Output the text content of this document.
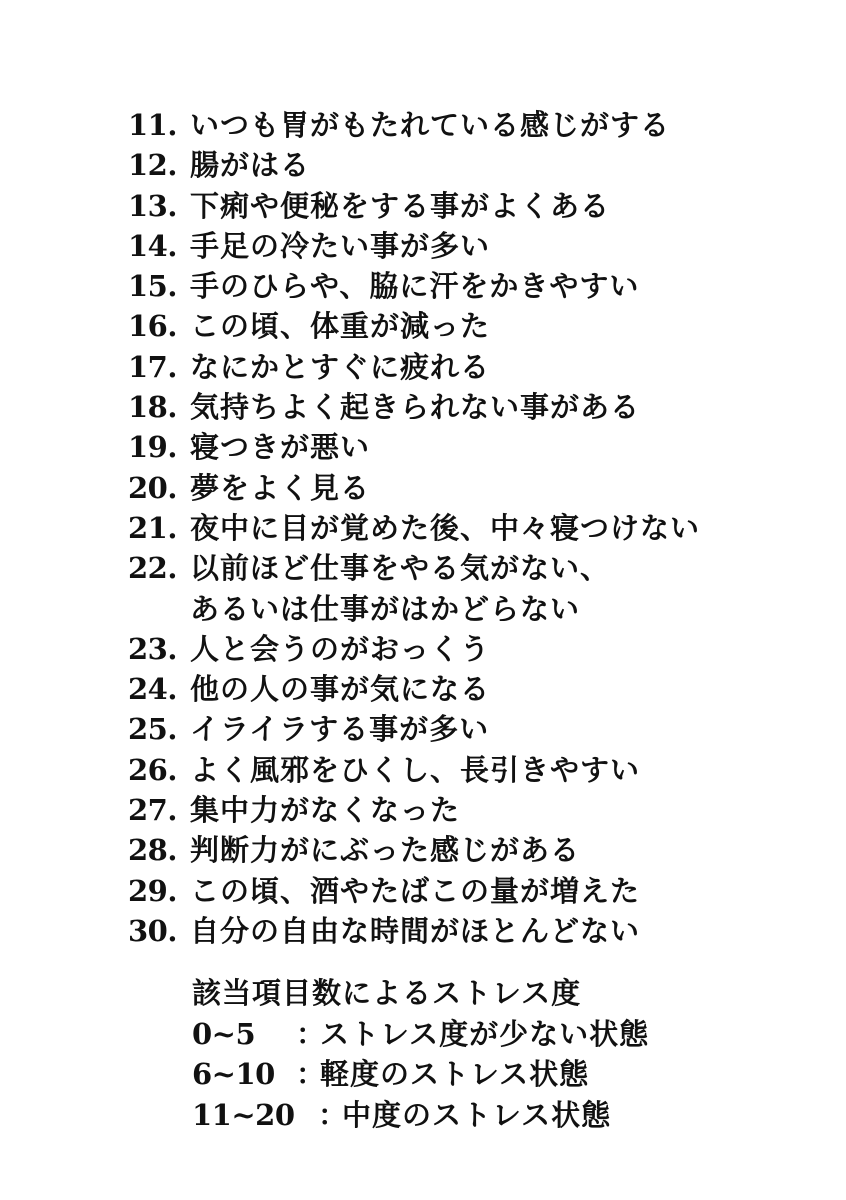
11. いつも胃がもたれている感じがする
12. 腸がはる
13. 下痢や便秘をする事がよくある
14. 手足の冷たい事が多い
15. 手のひらや、脇に汗をかきやすい
16. この頃、体重が減った
17. なにかとすぐに疲れる
18. 気持ちよく起きられない事がある
19. 寝つきが悪い
20. 夢をよく見る
21. 夜中に目が覚めた後、中々寝つけない
22. 以前ほど仕事をやる気がない、
あるいは仕事がはかどらない
23. 人と会うのがおっくう
24. 他の人の事が気になる
25. イライラする事が多い
26. よく風邪をひくし、長引きやすい
27. 集中力がなくなった
28. 判断力がにぶった感じがある
29. この頃、酒やたばこの量が増えた
30. 自分の自由な時間がほとんどない
該当項目数によるストレス度
0~5	：
ストレス度が少ない状態
6~10 ：
軽度のストレス状態
11~20 ：
中度のストレス状態
